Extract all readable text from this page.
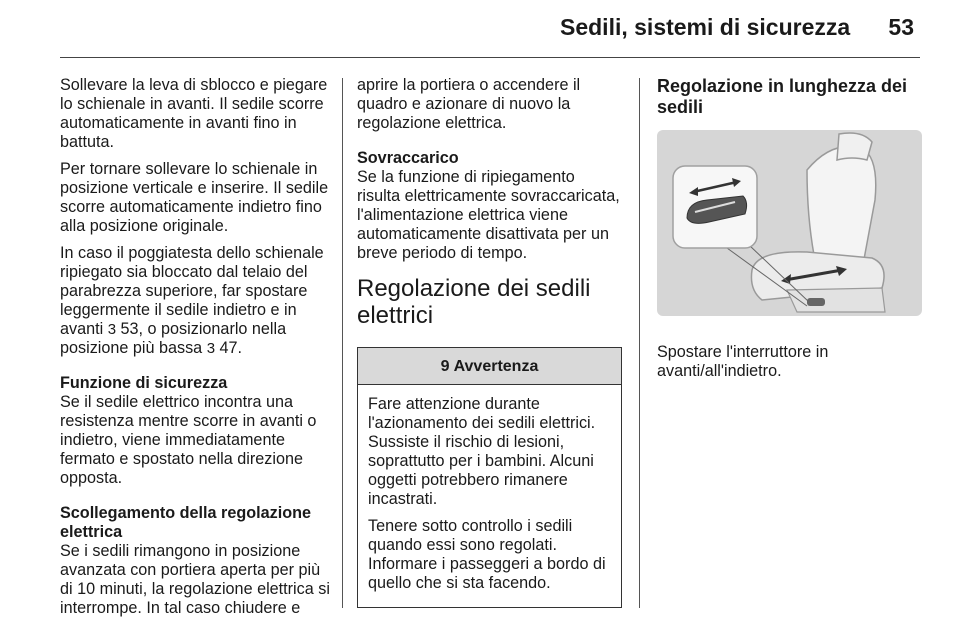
Sedili, sistemi di sicurezza 53

Sollevare la leva di sblocco e piegare lo schienale in avanti. Il sedile scorre automaticamente in avanti fino in battuta.

Per tornare sollevare lo schienale in posizione verticale e inserire. Il sedile scorre automaticamente indietro fino alla posizione originale.

In caso il poggiatesta dello schienale ripiegato sia bloccato dal telaio del parabrezza superiore, far spostare leggermente il sedile indietro e in avanti 3 53, o posizionarlo nella posizione più bassa 3 47.

Funzione di sicurezza

Se il sedile elettrico incontra una resistenza mentre scorre in avanti o indietro, viene immediatamente fermato e spostato nella direzione opposta.

Scollegamento della regolazione elettrica

Se i sedili rimangono in posizione avanzata con portiera aperta per più di 10 minuti, la regolazione elettrica si interrompe. In tal caso chiudere e

aprire la portiera o accendere il quadro e azionare di nuovo la regolazione elettrica.

Sovraccarico

Se la funzione di ripiegamento risulta elettricamente sovraccaricata, l'alimentazione elettrica viene automaticamente disattivata per un breve periodo di tempo.

Regolazione dei sedili elettrici
9 Avvertenza

Fare attenzione durante l'azionamento dei sedili elettrici. Sussiste il rischio di lesioni, soprattutto per i bambini. Alcuni oggetti potrebbero rimanere incastrati.

Tenere sotto controllo i sedili quando essi sono regolati. Informare i passeggeri a bordo di quello che si sta facendo.

Regolazione in lunghezza dei sedili

Spostare l'interruttore in avanti/all'indietro.
